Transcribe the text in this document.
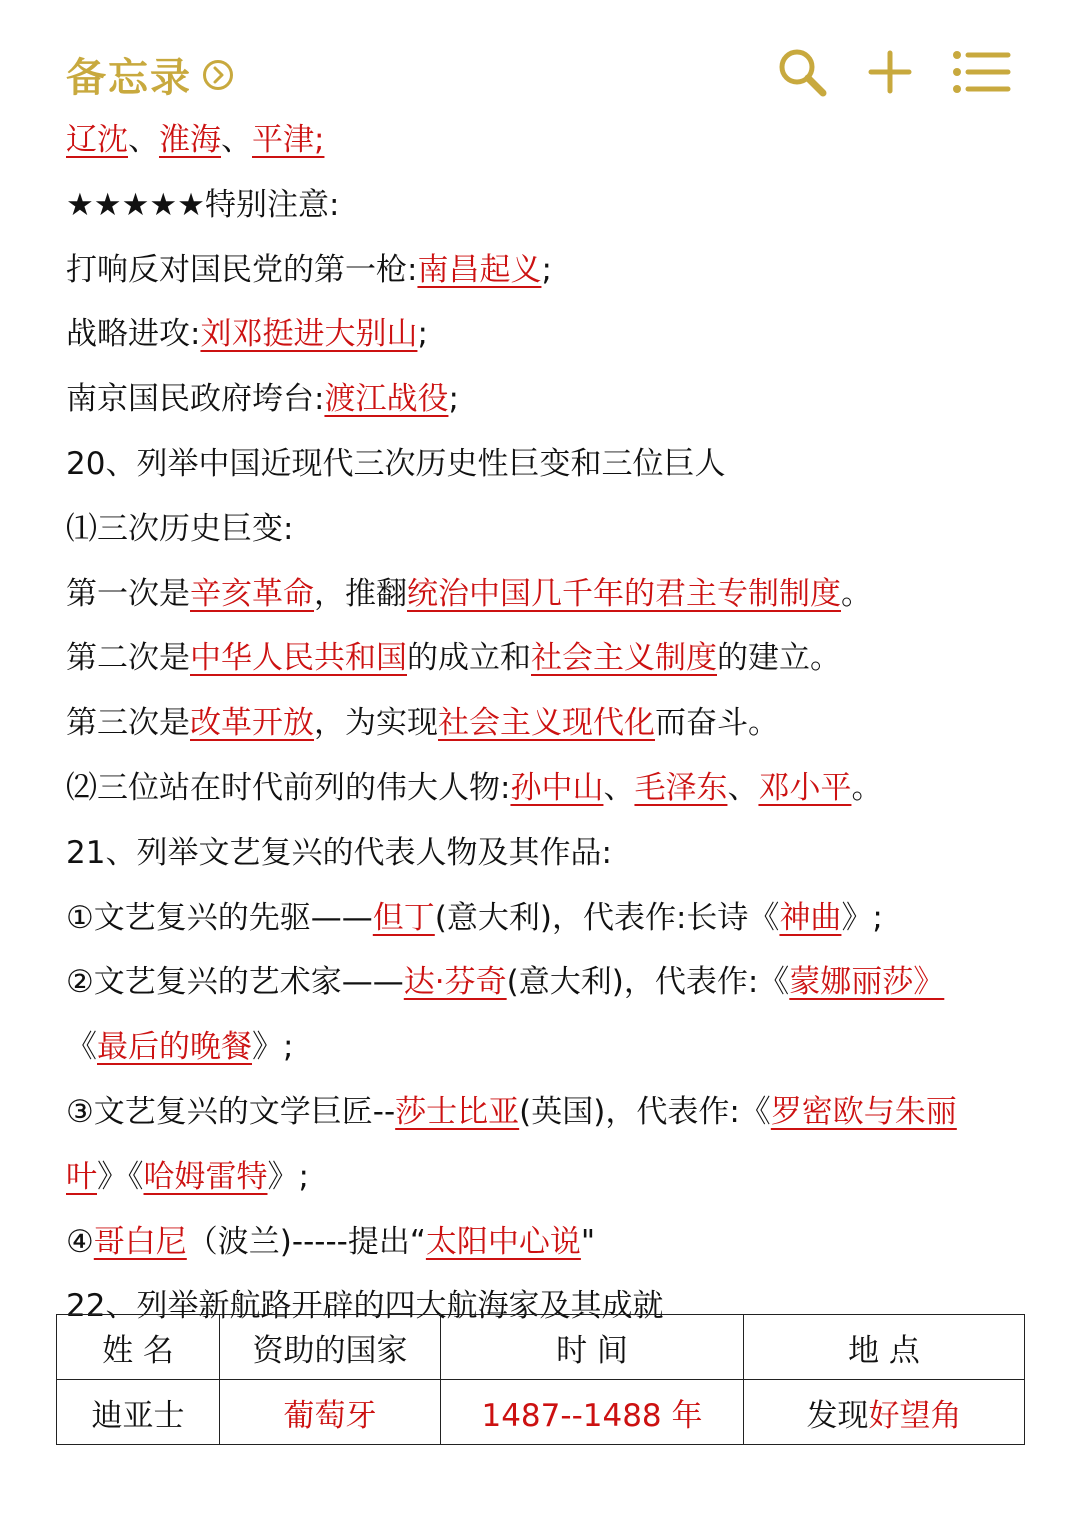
备忘录
辽沈、淮海、平津;
★★★★★特别注意:
打响反对国民党的第一枪:南昌起义;
战略进攻:刘邓挺进大别山;
南京国民政府垮台:渡江战役;
20、列举中国近现代三次历史性巨变和三位巨人
⑴三次历史巨变:
第一次是辛亥革命，推翻统治中国几千年的君主专制制度。
第二次是中华人民共和国的成立和社会主义制度的建立。
第三次是改革开放，为实现社会主义现代化而奋斗。
⑵三位站在时代前列的伟大人物:孙中山、毛泽东、邓小平。
21、列举文艺复兴的代表人物及其作品:
①文艺复兴的先驱——但丁(意大利)，代表作:长诗《神曲》;
②文艺复兴的艺术家——达·芬奇(意大利)，代表作:《蒙娜丽莎》
《最后的晚餐》;
③文艺复兴的文学巨匠--莎士比亚(英国)，代表作:《罗密欧与朱丽
叶》《哈姆雷特》;
④哥白尼（波兰)-----提出“太阳中心说"
22、列举新航路开辟的四大航海家及其成就
姓 名	资助的国家	时 间	地 点
迪亚士	葡萄牙	1487--1488 年	发现好望角
